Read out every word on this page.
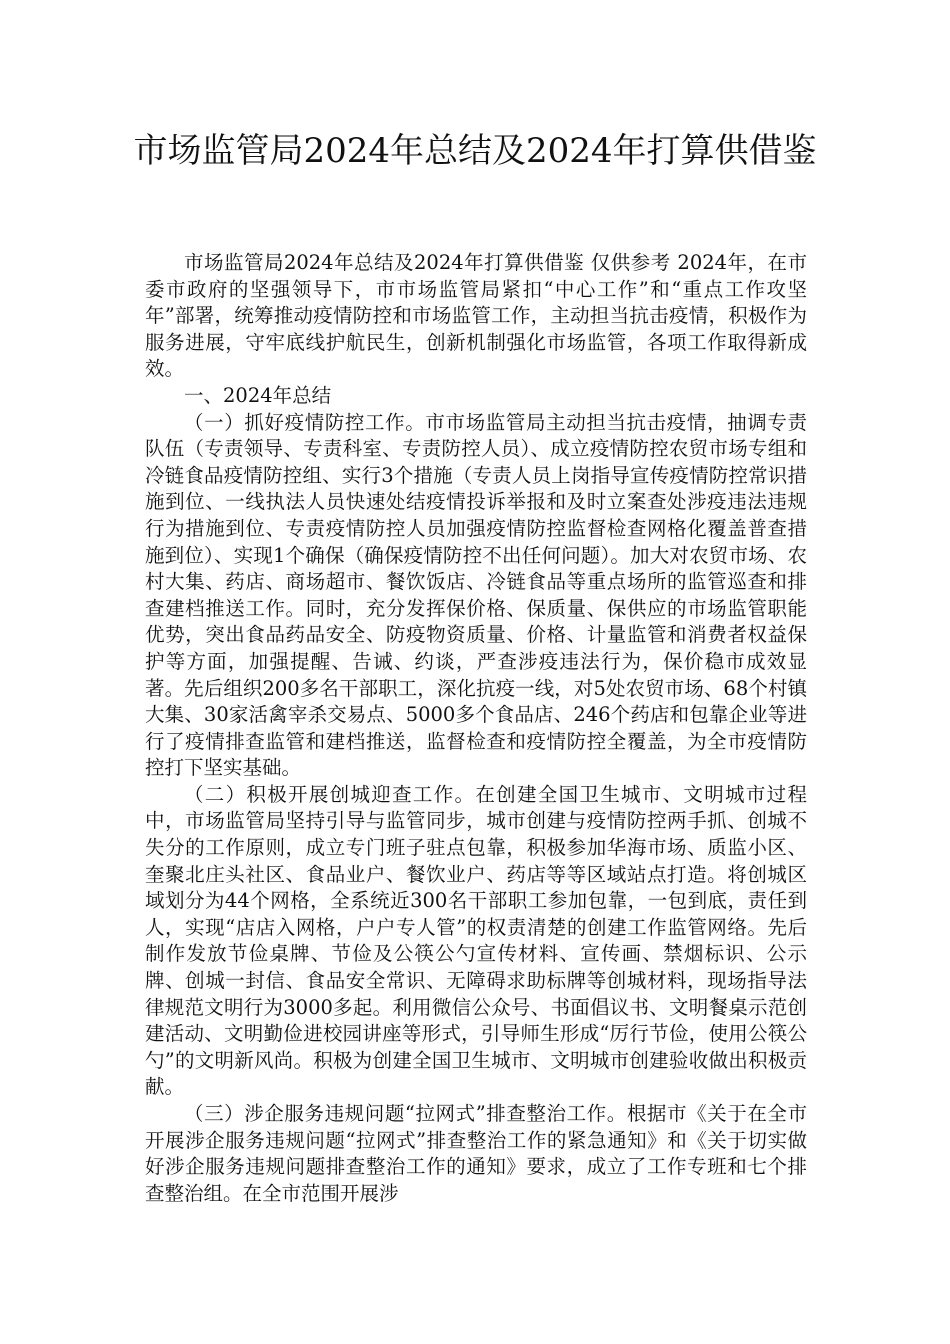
市场监管局2024年总结及2024年打算供借鉴

市场监管局2024年总结及2024年打算供借鉴 仅供参考 2024年，在市委市政府的坚强领导下，市市场监管局紧扣“中心工作”和“重点工作攻坚年”部署，统筹推动疫情防控和市场监管工作，主动担当抗击疫情，积极作为服务进展，守牢底线护航民生，创新机制强化市场监管，各项工作取得新成效。

一、2024年总结

（一）抓好疫情防控工作。市市场监管局主动担当抗击疫情，抽调专责队伍（专责领导、专责科室、专责防控人员）、成立疫情防控农贸市场专组和冷链食品疫情防控组、实行3个措施（专责人员上岗指导宣传疫情防控常识措施到位、一线执法人员快速处结疫情投诉举报和及时立案查处涉疫违法违规行为措施到位、专责疫情防控人员加强疫情防控监督检查网格化覆盖普查措施到位）、实现1个确保（确保疫情防控不出任何问题）。加大对农贸市场、农村大集、药店、商场超市、餐饮饭店、冷链食品等重点场所的监管巡查和排查建档推送工作。同时，充分发挥保价格、保质量、保供应的市场监管职能优势，突出食品药品安全、防疫物资质量、价格、计量监管和消费者权益保护等方面，加强提醒、告诫、约谈，严查涉疫违法行为，保价稳市成效显著。先后组织200多名干部职工，深化抗疫一线，对5处农贸市场、68个村镇大集、30家活禽宰杀交易点、5000多个食品店、246个药店和包靠企业等进行了疫情排查监管和建档推送，监督检查和疫情防控全覆盖，为全市疫情防控打下坚实基础。

（二）积极开展创城迎查工作。在创建全国卫生城市、文明城市过程中，市场监管局坚持引导与监管同步，城市创建与疫情防控两手抓、创城不失分的工作原则，成立专门班子驻点包靠，积极参加华海市场、质监小区、奎聚北庄头社区、食品业户、餐饮业户、药店等等区域站点打造。将创城区域划分为44个网格，全系统近300名干部职工参加包靠，一包到底，责任到人，实现“店店入网格，户户专人管”的权责清楚的创建工作监管网络。先后制作发放节俭桌牌、节俭及公筷公勺宣传材料、宣传画、禁烟标识、公示牌、创城一封信、食品安全常识、无障碍求助标牌等创城材料，现场指导法律规范文明行为3000多起。利用微信公众号、书面倡议书、文明餐桌示范创建活动、文明勤俭进校园讲座等形式，引导师生形成“厉行节俭，使用公筷公勺”的文明新风尚。积极为创建全国卫生城市、文明城市创建验收做出积极贡献。

（三）涉企服务违规问题“拉网式”排查整治工作。根据市《关于在全市开展涉企服务违规问题“拉网式”排查整治工作的紧急通知》和《关于切实做好涉企服务违规问题排查整治工作的通知》要求，成立了工作专班和七个排查整治组。在全市范围开展涉
